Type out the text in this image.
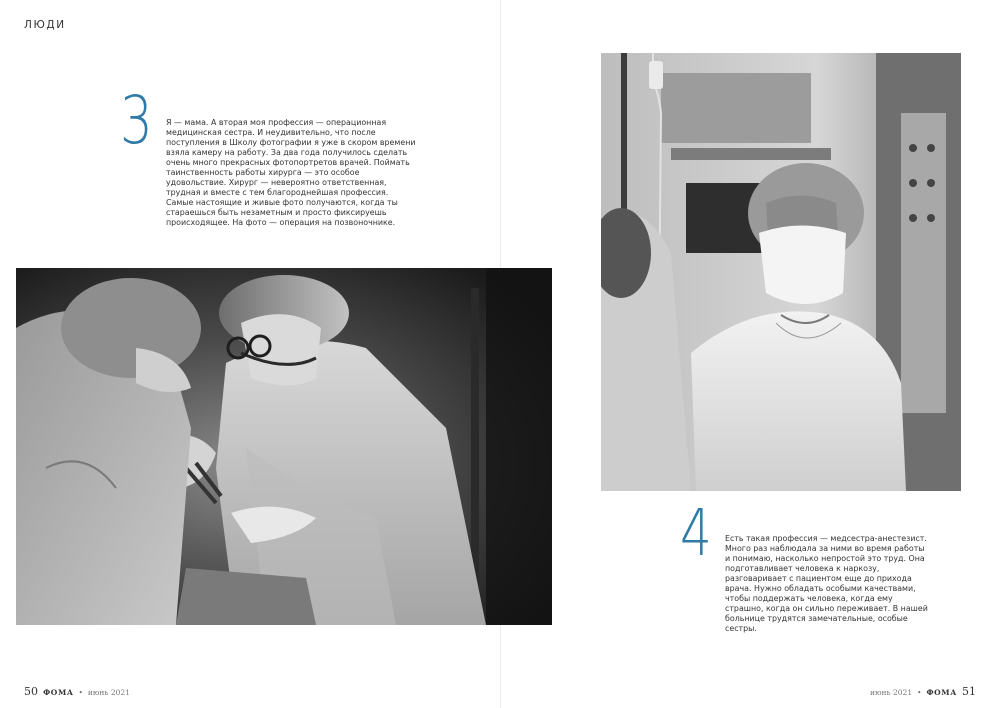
ЛЮДИ
3 Я — мама. А вторая моя профессия — операционная медицинская сестра. И неудивительно, что после поступления в Школу фотографии я уже в скором времени взяла камеру на работу. За два года получилось сделать очень много прекрасных фотопортретов врачей. Поймать таинственность работы хирурга — это особое удовольствие. Хирург — невероятно ответственная, трудная и вместе с тем благороднейшая профессия. Самые настоящие и живые фото получаются, когда ты стараешься быть незаметным и просто фиксируешь происходящее. На фото — операция на позвоночнике.

4 Есть такая профессия — медсестра-анестезист. Много раз наблюдала за ними во время работы и понимаю, насколько непростой это труд. Она подготавливает человека к наркозу, разговаривает с пациентом еще до прихода врача. Нужно обладать особыми качествами, чтобы поддержать человека, когда ему страшно, когда он сильно переживает. В нашей больнице трудятся замечательные, особые сестры.

50 ФОМА • июнь 2021	июнь 2021 • ФОМА 51
